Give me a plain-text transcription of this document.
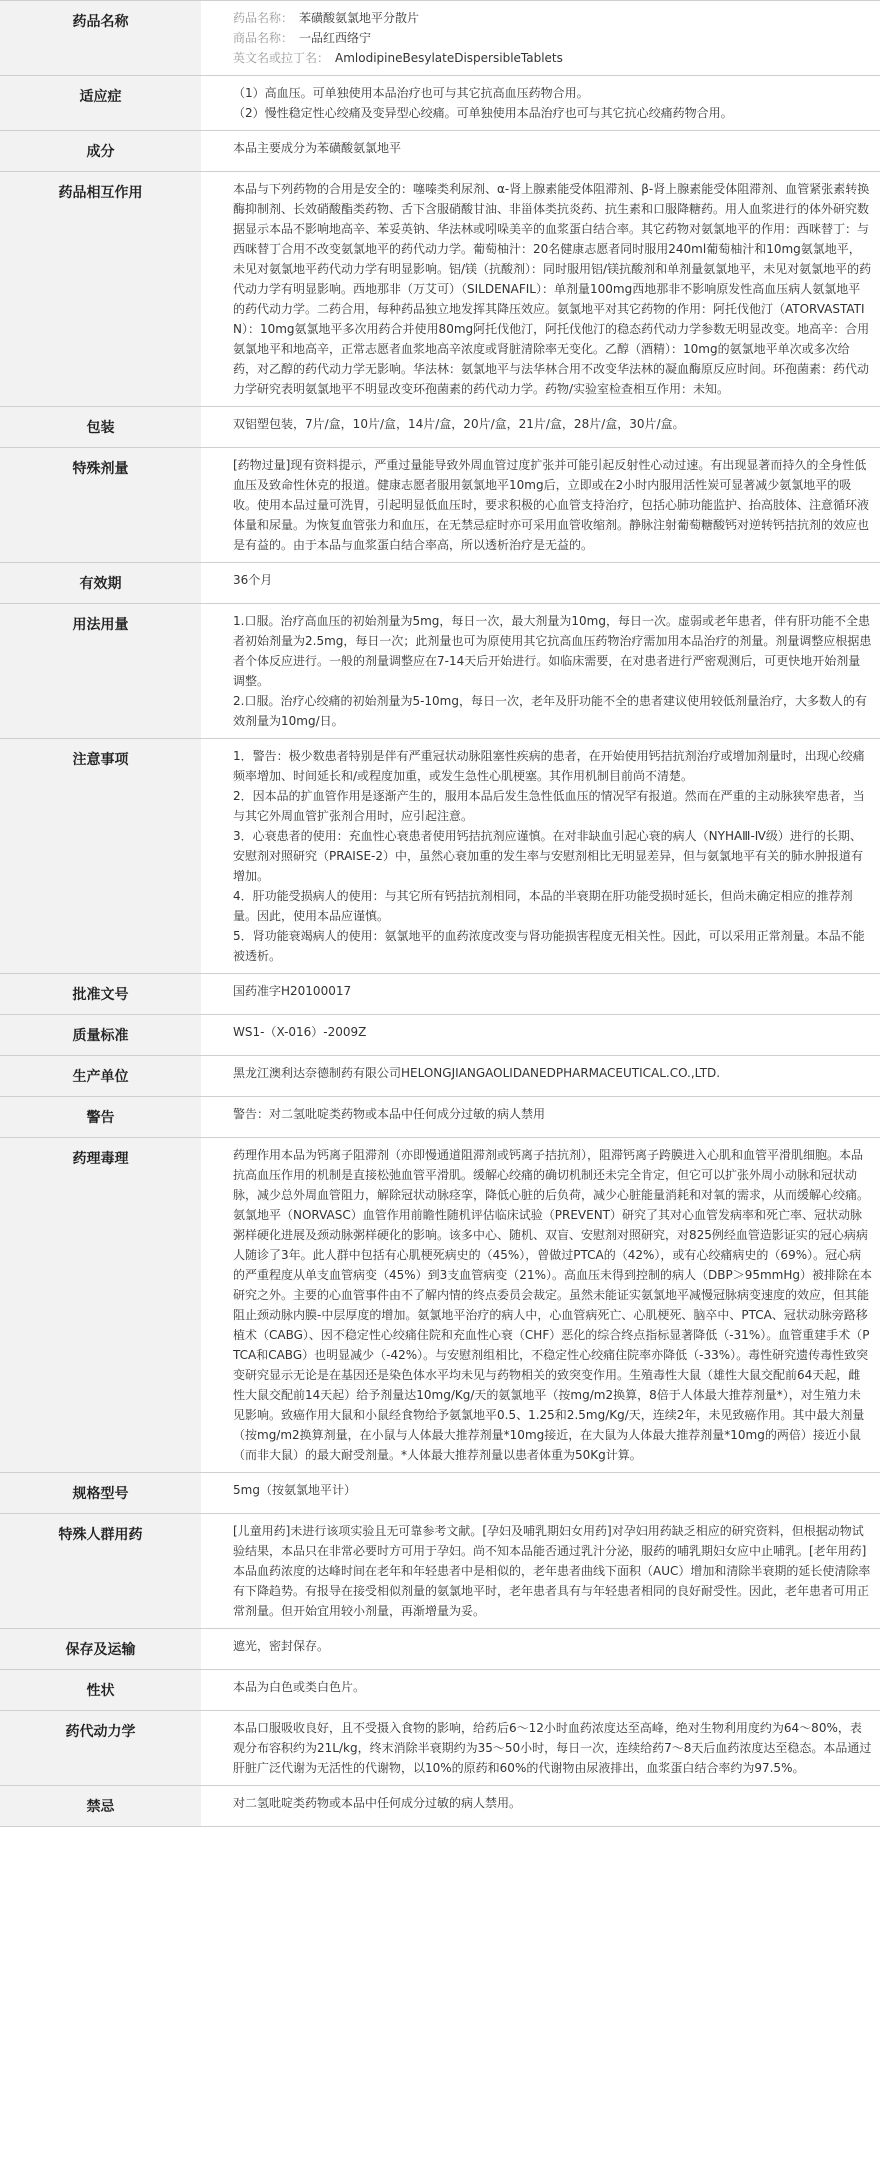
药品名称	药品名称： 苯磺酸氨氯地平分散片
商品名称： 一品红西络宁
英文名或拉丁名： AmlodipineBesylateDispersibleTablets

适应症	（1）高血压。可单独使用本品治疗也可与其它抗高血压药物合用。
（2）慢性稳定性心绞痛及变异型心绞痛。可单独使用本品治疗也可与其它抗心绞痛药物合用。

成分	本品主要成分为苯磺酸氨氯地平

药品相互作用	本品与下列药物的合用是安全的：噻嗪类利尿剂、α-肾上腺素能受体阻滞剂、β-肾上腺素能受体阻滞剂、血管紧张素转换酶抑制剂、长效硝酸酯类药物、舌下含服硝酸甘油、非甾体类抗炎药、抗生素和口服降糖药。用人血浆进行的体外研究数据显示本品不影响地高辛、苯妥英钠、华法林或吲哚美辛的血浆蛋白结合率。其它药物对氨氯地平的作用：西咪替丁：与西咪替丁合用不改变氨氯地平的药代动力学。葡萄柚汁：20名健康志愿者同时服用240ml葡萄柚汁和10mg氨氯地平，未见对氨氯地平药代动力学有明显影响。铝/镁（抗酸剂）：同时服用铝/镁抗酸剂和单剂量氨氯地平，未见对氨氯地平的药代动力学有明显影响。西地那非（万艾可）（SILDENAFIL）：单剂量100mg西地那非不影响原发性高血压病人氨氯地平的药代动力学。二药合用，每种药品独立地发挥其降压效应。氨氯地平对其它药物的作用：阿托伐他汀（ATORVASTATIN）：10mg氨氯地平多次用药合并使用80mg阿托伐他汀，阿托伐他汀的稳态药代动力学参数无明显改变。地高辛：合用氨氯地平和地高辛，正常志愿者血浆地高辛浓度或肾脏清除率无变化。乙醇（酒精）：10mg的氨氯地平单次或多次给药，对乙醇的药代动力学无影响。华法林：氨氯地平与法华林合用不改变华法林的凝血酶原反应时间。环孢菌素：药代动力学研究表明氨氯地平不明显改变环孢菌素的药代动力学。药物/实验室检查相互作用：未知。

包装	双铝塑包装，7片/盒，10片/盒，14片/盒，20片/盒，21片/盒，28片/盒，30片/盒。

特殊剂量	[药物过量]现有资料提示，严重过量能导致外周血管过度扩张并可能引起反射性心动过速。有出现显著而持久的全身性低血压及致命性休克的报道。健康志愿者服用氨氯地平10mg后，立即或在2小时内服用活性炭可显著减少氨氯地平的吸收。使用本品过量可洗胃，引起明显低血压时，要求积极的心血管支持治疗，包括心肺功能监护、抬高肢体、注意循环液体量和尿量。为恢复血管张力和血压，在无禁忌症时亦可采用血管收缩剂。静脉注射葡萄糖酸钙对逆转钙拮抗剂的效应也是有益的。由于本品与血浆蛋白结合率高，所以透析治疗是无益的。

有效期	36个月

用法用量	1.口服。治疗高血压的初始剂量为5mg，每日一次，最大剂量为10mg，每日一次。虚弱或老年患者，伴有肝功能不全患者初始剂量为2.5mg，每日一次；此剂量也可为原使用其它抗高血压药物治疗需加用本品治疗的剂量。剂量调整应根据患者个体反应进行。一般的剂量调整应在7-14天后开始进行。如临床需要，在对患者进行严密观测后，可更快地开始剂量调整。
2.口服。治疗心绞痛的初始剂量为5-10mg，每日一次，老年及肝功能不全的患者建议使用较低剂量治疗，大多数人的有效剂量为10mg/日。

注意事项	1．警告：极少数患者特别是伴有严重冠状动脉阻塞性疾病的患者，在开始使用钙拮抗剂治疗或增加剂量时，出现心绞痛频率增加、时间延长和/或程度加重，或发生急性心肌梗塞。其作用机制目前尚不清楚。
2．因本品的扩血管作用是逐渐产生的，服用本品后发生急性低血压的情况罕有报道。然而在严重的主动脉狭窄患者，当与其它外周血管扩张剂合用时，应引起注意。
3．心衰患者的使用：充血性心衰患者使用钙拮抗剂应谨慎。在对非缺血引起心衰的病人（NYHAⅢ-Ⅳ级）进行的长期、安慰剂对照研究（PRAISE-2）中，虽然心衰加重的发生率与安慰剂相比无明显差异，但与氨氯地平有关的肺水肿报道有增加。
4．肝功能受损病人的使用：与其它所有钙拮抗剂相同，本品的半衰期在肝功能受损时延长，但尚未确定相应的推荐剂量。因此，使用本品应谨慎。
5．肾功能衰竭病人的使用：氨氯地平的血药浓度改变与肾功能损害程度无相关性。因此，可以采用正常剂量。本品不能被透析。

批准文号	国药准字H20100017

质量标准	WS1-（X-016）-2009Z

生产单位	黑龙江澳利达奈德制药有限公司HELONGJIANGAOLIDANEDPHARMACEUTICAL.CO.,LTD.

警告	警告：对二氢吡啶类药物或本品中任何成分过敏的病人禁用

药理毒理	药理作用本品为钙离子阻滞剂（亦即慢通道阻滞剂或钙离子拮抗剂），阻滞钙离子跨膜进入心肌和血管平滑肌细胞。本品抗高血压作用的机制是直接松弛血管平滑肌。缓解心绞痛的确切机制还未完全肯定，但它可以扩张外周小动脉和冠状动脉，减少总外周血管阻力，解除冠状动脉痉挛，降低心脏的后负荷，减少心脏能量消耗和对氧的需求，从而缓解心绞痛。氨氯地平（NORVASC）血管作用前瞻性随机评估临床试验（PREVENT）研究了其对心血管发病率和死亡率、冠状动脉粥样硬化进展及颈动脉粥样硬化的影响。该多中心、随机、双盲、安慰剂对照研究，对825例经血管造影证实的冠心病病人随诊了3年。此人群中包括有心肌梗死病史的（45%），曾做过PTCA的（42%），或有心绞痛病史的（69%）。冠心病的严重程度从单支血管病变（45%）到3支血管病变（21%）。高血压未得到控制的病人（DBP＞95mmHg）被排除在本研究之外。主要的心血管事件由不了解内情的终点委员会裁定。虽然未能证实氨氯地平减慢冠脉病变速度的效应，但其能阻止颈动脉内膜-中层厚度的增加。氨氯地平治疗的病人中，心血管病死亡、心肌梗死、脑卒中、PTCA、冠状动脉旁路移植术（CABG）、因不稳定性心绞痛住院和充血性心衰（CHF）恶化的综合终点指标显著降低（-31%）。血管重建手术（PTCA和CABG）也明显减少（-42%）。与安慰剂组相比，不稳定性心绞痛住院率亦降低（-33%）。毒性研究遗传毒性致突变研究显示无论是在基因还是染色体水平均未见与药物相关的致突变作用。生殖毒性大鼠（雄性大鼠交配前64天起，雌性大鼠交配前14天起）给予剂量达10mg/Kg/天的氨氯地平（按mg/m2换算，8倍于人体最大推荐剂量*），对生殖力未见影响。致癌作用大鼠和小鼠经食物给予氨氯地平0.5、1.25和2.5mg/Kg/天，连续2年，未见致癌作用。其中最大剂量（按mg/m2换算剂量，在小鼠与人体最大推荐剂量*10mg接近，在大鼠为人体最大推荐剂量*10mg的两倍）接近小鼠（而非大鼠）的最大耐受剂量。*人体最大推荐剂量以患者体重为50Kg计算。

规格型号	5mg（按氨氯地平计）

特殊人群用药	[儿童用药]未进行该项实验且无可靠参考文献。[孕妇及哺乳期妇女用药]对孕妇用药缺乏相应的研究资料，但根据动物试验结果，本品只在非常必要时方可用于孕妇。尚不知本品能否通过乳汁分泌，服药的哺乳期妇女应中止哺乳。[老年用药]本品血药浓度的达峰时间在老年和年轻患者中是相似的，老年患者曲线下面积（AUC）增加和清除半衰期的延长使清除率有下降趋势。有报导在接受相似剂量的氨氯地平时，老年患者具有与年轻患者相同的良好耐受性。因此，老年患者可用正常剂量。但开始宜用较小剂量，再渐增量为妥。

保存及运输	遮光，密封保存。

性状	本品为白色或类白色片。

药代动力学	本品口服吸收良好，且不受摄入食物的影响，给药后6～12小时血药浓度达至高峰，绝对生物利用度约为64～80%，表观分布容积约为21L/kg，终末消除半衰期约为35～50小时，每日一次，连续给药7～8天后血药浓度达至稳态。本品通过肝脏广泛代谢为无活性的代谢物，以10%的原药和60%的代谢物由尿液排出，血浆蛋白结合率约为97.5%。

禁忌	对二氢吡啶类药物或本品中任何成分过敏的病人禁用。
